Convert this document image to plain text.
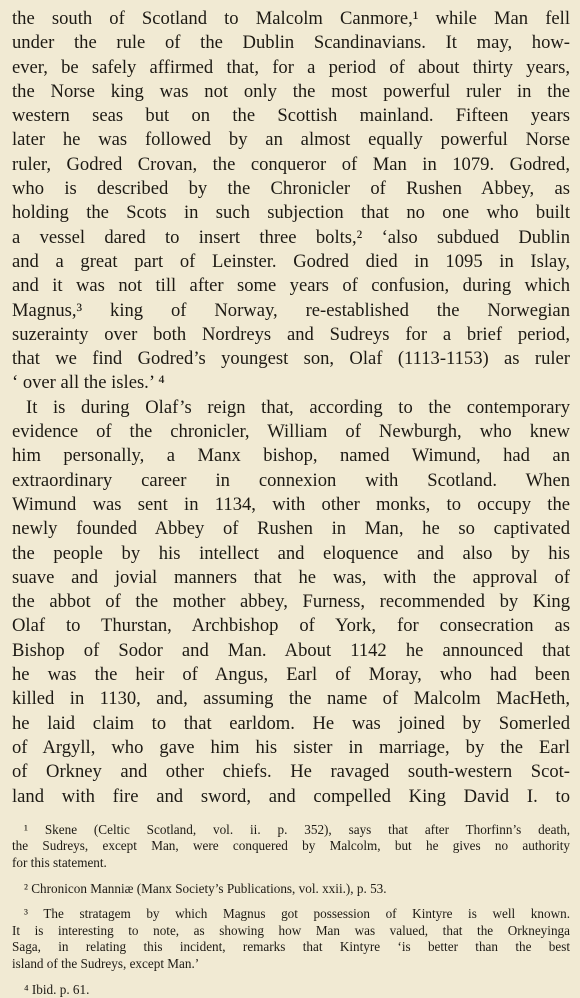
the south of Scotland to Malcolm Canmore,¹ while Man fell
under the rule of the Dublin Scandinavians. It may, how-
ever, be safely affirmed that, for a period of about thirty years,
the Norse king was not only the most powerful ruler in the
western seas but on the Scottish mainland. Fifteen years
later he was followed by an almost equally powerful Norse
ruler, Godred Crovan, the conqueror of Man in 1079. Godred,
who is described by the Chronicler of Rushen Abbey, as
holding the Scots in such subjection that no one who built
a vessel dared to insert three bolts,² ‘also subdued Dublin
and a great part of Leinster. Godred died in 1095 in Islay,
and it was not till after some years of confusion, during which
Magnus,³ king of Norway, re-established the Norwegian
suzerainty over both Nordreys and Sudreys for a brief period,
that we find Godred’s youngest son, Olaf (1113-1153) as ruler
‘ over all the isles.’ ⁴
It is during Olaf’s reign that, according to the contemporary
evidence of the chronicler, William of Newburgh, who knew
him personally, a Manx bishop, named Wimund, had an
extraordinary career in connexion with Scotland. When
Wimund was sent in 1134, with other monks, to occupy the
newly founded Abbey of Rushen in Man, he so captivated
the people by his intellect and eloquence and also by his
suave and jovial manners that he was, with the approval of
the abbot of the mother abbey, Furness, recommended by King
Olaf to Thurstan, Archbishop of York, for consecration as
Bishop of Sodor and Man. About 1142 he announced that
he was the heir of Angus, Earl of Moray, who had been
killed in 1130, and, assuming the name of Malcolm MacHeth,
he laid claim to that earldom. He was joined by Somerled
of Argyll, who gave him his sister in marriage, by the Earl
of Orkney and other chiefs. He ravaged south-western Scot-
land with fire and sword, and compelled King David I. to
¹ Skene (Celtic Scotland, vol. ii. p. 352), says that after Thorfinn’s death,
the Sudreys, except Man, were conquered by Malcolm, but he gives no authority
for this statement.
² Chronicon Manniæ (Manx Society’s Publications, vol. xxii.), p. 53.
³ The stratagem by which Magnus got possession of Kintyre is well known.
It is interesting to note, as showing how Man was valued, that the Orkneyinga
Saga, in relating this incident, remarks that Kintyre ‘is better than the best
island of the Sudreys, except Man.’
⁴ Ibid. p. 61.
